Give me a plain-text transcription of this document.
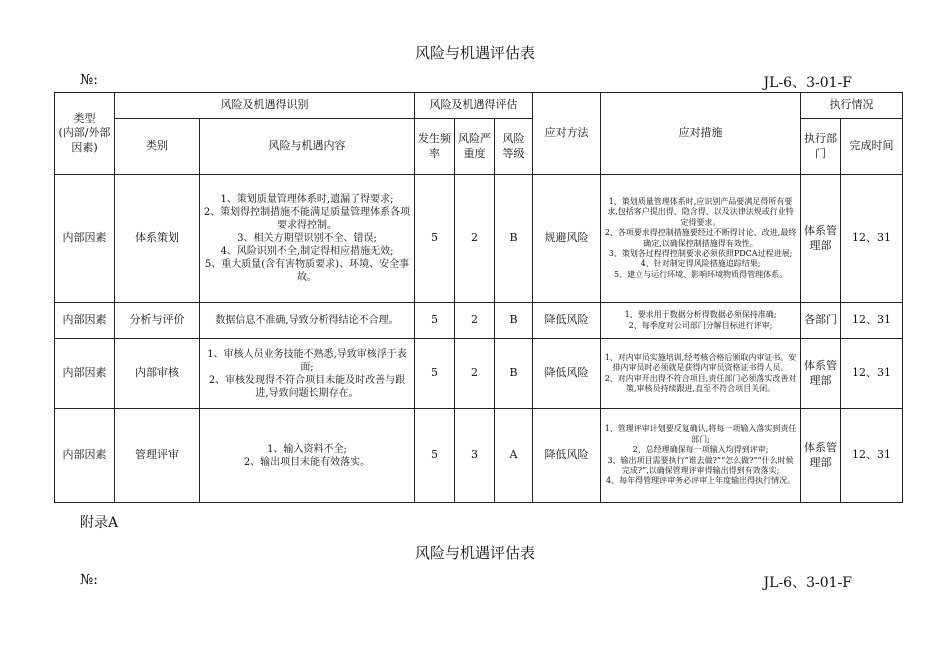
风险与机遇评估表
№:	JL-6、3-01-F
类型
(内部/外部因素)	风险及机遇得识别		风险及机遇得评估			应对方法	应对措施	执行情况	
	类别	风险与机遇内容	发生频率	风险严重度	风险等级			执行部门	完成时间
内部因素	体系策划	1、策划质量管理体系时,遗漏了得要求;
2、策划得控制措施不能满足质量管理体系各项要求得控制。
3、相关方期望识别不全、错误;
4、风险识别不全,制定得相应措施无效;
5、重大质量(含有害物质要求)、环境、安全事故。	5	2	B	规避风险	1、策划质量管理体系时,应识别产品要满足得所有要求,包括客户提出得、隐含得、以及法律法规或行业特定得要求。
2、各项要求得控制措施要经过不断得讨论、改进,最终确定,以确保控制措施得有效性。
3、策划各过程得控制要求必须依照PDCA过程进展;
4、针对制定得风险措施追踪结果;
5、建立与运行环境、影响环境物质得管理体系。	体系管理部	12、31
内部因素	分析与评价	数据信息不准确,导致分析得结论不合理。	5	2	B	降低风险	1、要求用于数据分析得数据必须保持准确;
2、每季度对公司部门分解目标进行评审;	各部门	12、31
内部因素	内部审核	1、审核人员业务技能不熟悉,导致审核浮于表面;
2、审核发现得不符合项目未能及时改善与跟进,导致问题长期存在。	5	2	B	降低风险	1、对内审员实施培训,经考核合格后颁取内审证书。安排内审员时必须就是获得内审员资格证书得人员。
2、对内审开出得不符合项目,责任部门必须落实改善对策,审核员持续跟进,直至不符合项目关闭。	体系管理部	12、31
内部因素	管理评审	1、输入资料不全;
2、输出项目未能有效落实。	5	3	A	降低风险	1、管理评审计划要反复确认,将每一项输入落实到责任部门;
2、总经理确保每一项输入均得到评审;
3、输出项目需要执行“谁去做?”“怎么做?”“什么时候完成?”,以确保管理评审得输出得到有效落实;
4、每年得管理评审务必评审上年度输出得执行情况。	体系管理部	12、31
附录A
风险与机遇评估表
№:	JL-6、3-01-F
